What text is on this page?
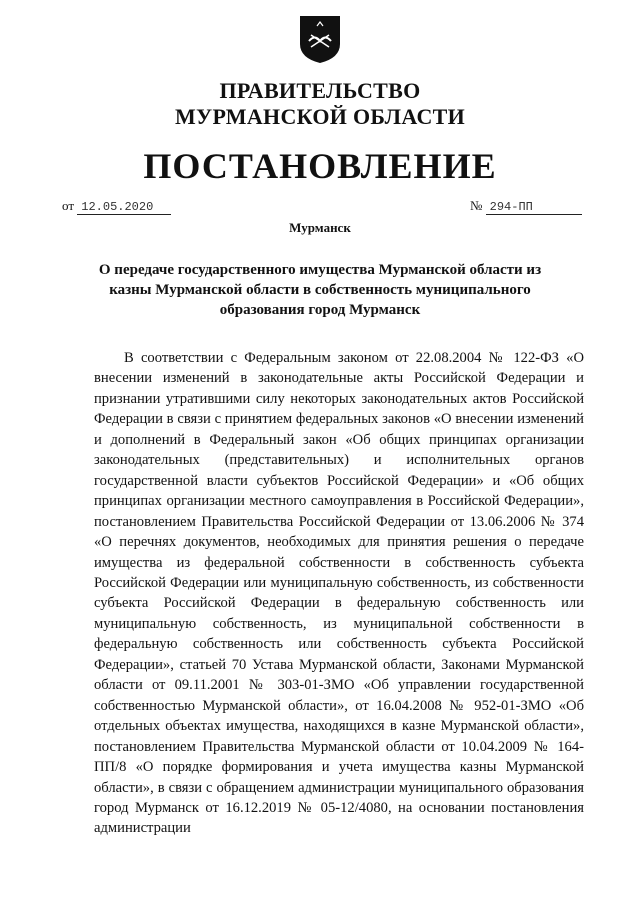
ПРАВИТЕЛЬСТВО
МУРМАНСКОЙ ОБЛАСТИ
ПОСТАНОВЛЕНИЕ
от 12.05.2020	№ 294-ПП
Мурманск
О передаче государственного имущества Мурманской области из казны Мурманской области в собственность муниципального образования город Мурманск

В соответствии с Федеральным законом от 22.08.2004 № 122-ФЗ «О внесении изменений в законодательные акты Российской Федерации и признании утратившими силу некоторых законодательных актов Российской Федерации в связи с принятием федеральных законов «О внесении изменений и дополнений в Федеральный закон «Об общих принципах организации законодательных (представительных) и исполнительных органов государственной власти субъектов Российской Федерации» и «Об общих принципах организации местного самоуправления в Российской Федерации», постановлением Правительства Российской Федерации от 13.06.2006 № 374 «О перечнях документов, необходимых для принятия решения о передаче имущества из федеральной собственности в собственность субъекта Российской Федерации или муниципальную собственность, из собственности субъекта Российской Федерации в федеральную собственность или муниципальную собственность, из муниципальной собственности в федеральную собственность или собственность субъекта Российской Федерации», статьей 70 Устава Мурманской области, Законами Мурманской области от 09.11.2001 № 303-01-ЗМО «Об управлении государственной собственностью Мурманской области», от 16.04.2008 № 952-01-ЗМО «Об отдельных объектах имущества, находящихся в казне Мурманской области», постановлением Правительства Мурманской области от 10.04.2009 № 164-ПП/8 «О порядке формирования и учета имущества казны Мурманской области», в связи с обращением администрации муниципального образования город Мурманск от 16.12.2019 № 05-12/4080, на основании постановления администрации
